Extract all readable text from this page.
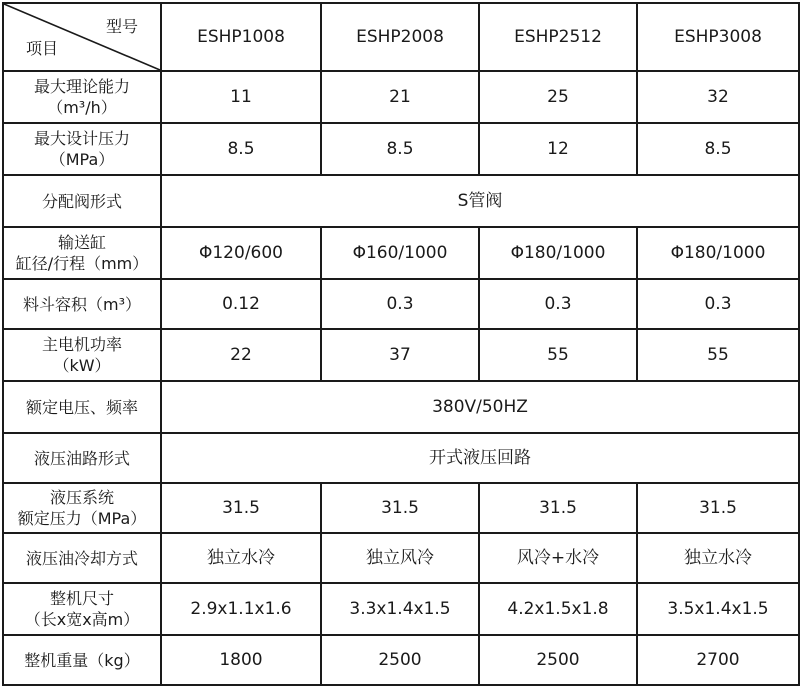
型号
项目	ESHP1008	ESHP2008	ESHP2512	ESHP3008

最大理论能力
（m³/h）	11	21	25	32

最大设计压力
（MPa）	8.5	8.5	12	8.5

分配阀形式	S管阀			

输送缸
缸径/行程（mm）	Φ120/600	Φ160/1000	Φ180/1000	Φ180/1000

料斗容积（m³）	0.12	0.3	0.3	0.3

主电机功率
（kW）	22	37	55	55

额定电压、频率	380V/50HZ			

液压油路形式	开式液压回路			

液压系统
额定压力（MPa）	31.5	31.5	31.5	31.5

液压油冷却方式	独立水冷	独立风冷	风冷+水冷	独立水冷

整机尺寸
（长x宽x高m）	2.9x1.1x1.6	3.3x1.4x1.5	4.2x1.5x1.8	3.5x1.4x1.5

整机重量（kg）	1800	2500	2500	2700
